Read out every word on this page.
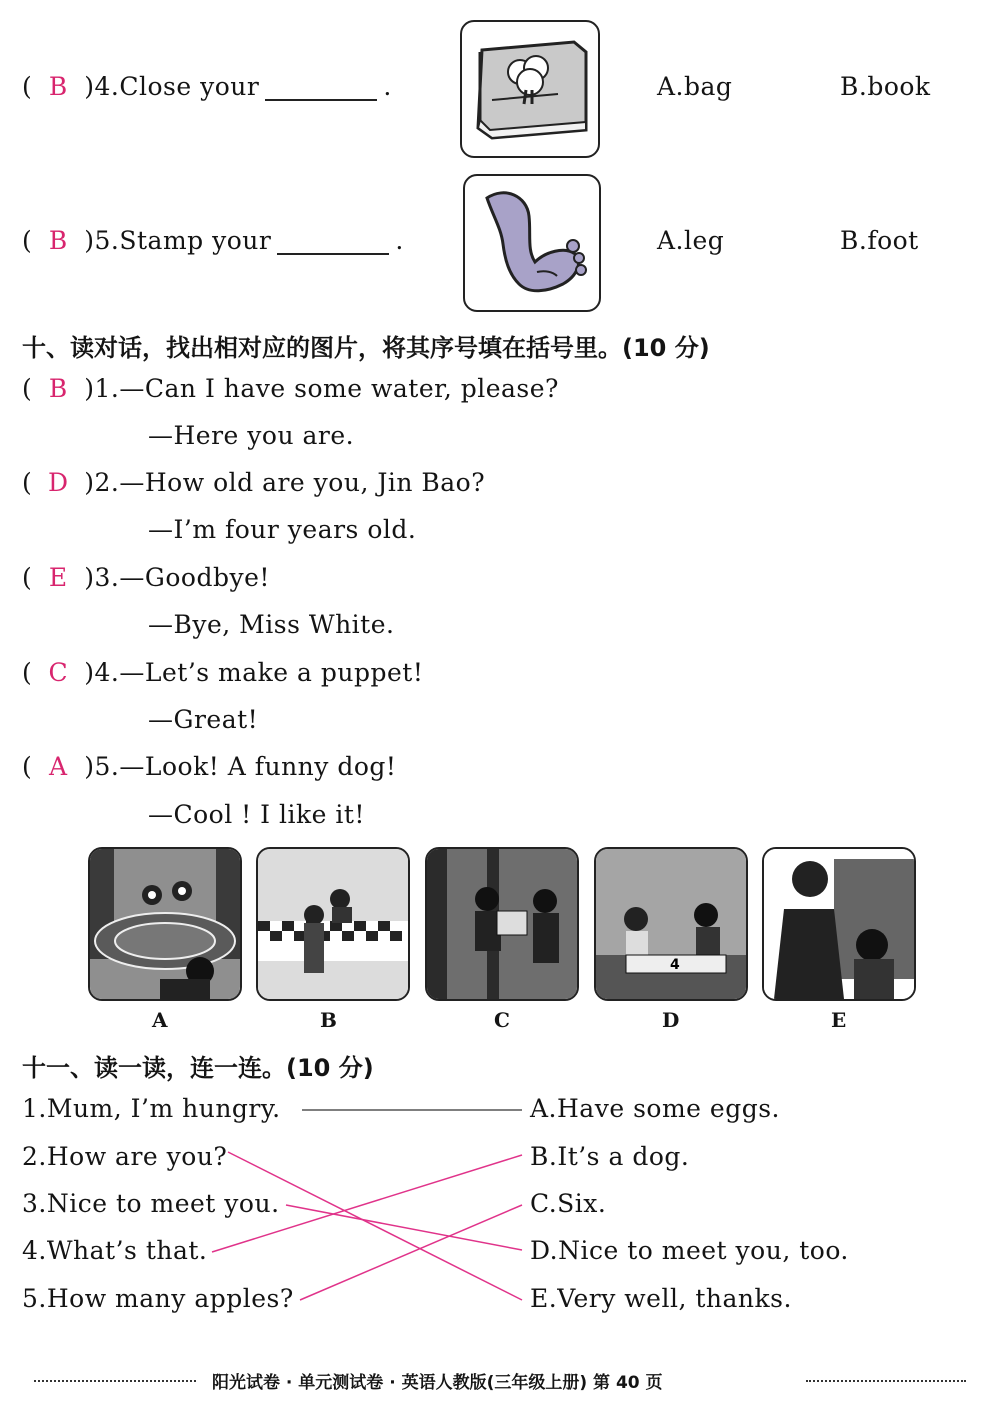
( B )4.Close your	.	A.bag	B.book
( B )5.Stamp your	.	A.leg	B.foot
十、读对话，找出相对应的图片，将其序号填在括号里。(10 分)
( B )1.—Can I have some water, please?
—Here you are.
( D )2.—How old are you, Jin Bao?
—I’m four years old.
( E )3.—Goodbye!
—Bye, Miss White.
( C )4.—Let’s make a puppet!
—Great!
( A )5.—Look! A funny dog!
—Cool ! I like it!
4
A	B	C	D	E
十一、读一读，连一连。(10 分)
1.Mum, I’m hungry.
2.How are you?
3.Nice to meet you.
4.What’s that.
5.How many apples?
A.Have some eggs.
B.It’s a dog.
C.Six.
D.Nice to meet you, too.
E.Very well, thanks.
阳光试卷 · 单元测试卷 · 英语人教版(三年级上册) 第 40 页
